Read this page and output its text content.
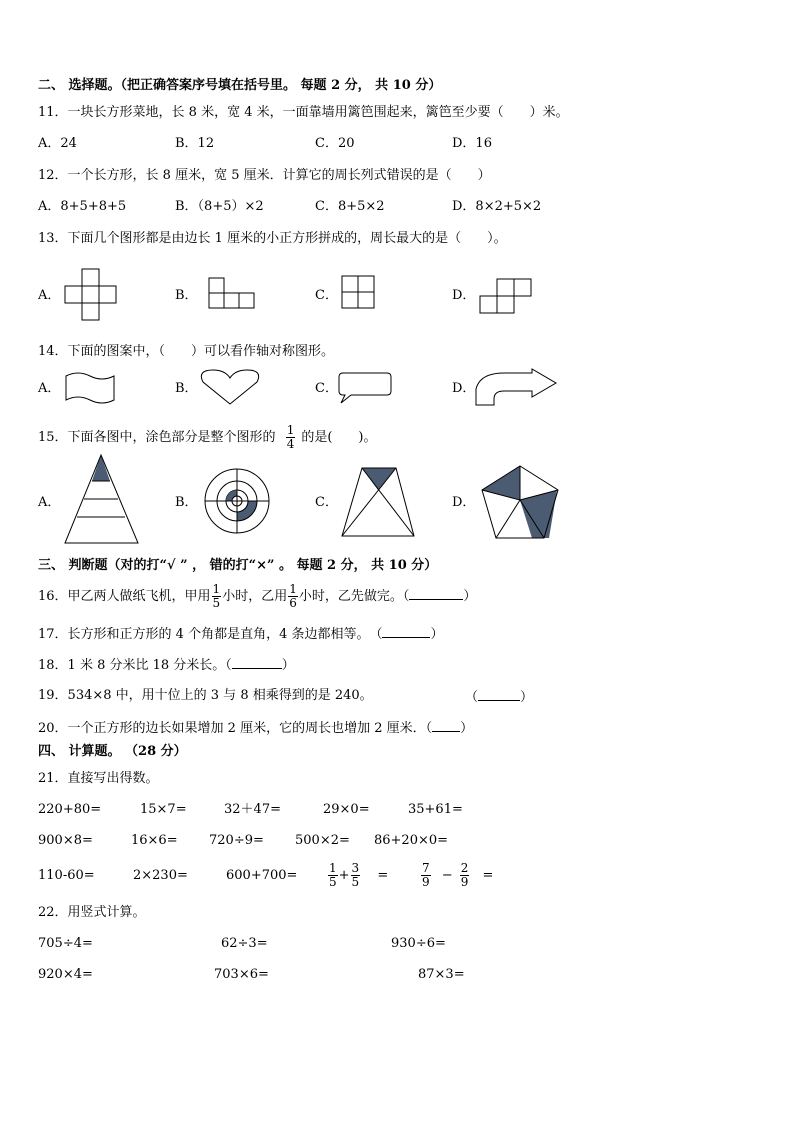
二、 选择题。（把正确答案序号填在括号里。 每题 2 分， 共 10 分）
11．一块长方形菜地，长 8 米，宽 4 米，一面靠墙用篱笆围起来，篱笆至少要（　　）米。
A．24	B．12	C．20	D．16
12．一个长方形，长 8 厘米，宽 5 厘米．计算它的周长列式错误的是（　　）
A．8+5+8+5	B．（8+5）×2	C．8+5×2	D．8×2+5×2
13．下面几个图形都是由边长 1 厘米的小正方形拼成的，周长最大的是（　　）。
A．	B．	C．	D．
14．下面的图案中，（　　）可以看作轴对称图形。
A．	B．	C．	D．
15．下面各图中，涂色部分是整个图形的 $\frac{1}{4}$ 的是(　　)。
A．	B．	C．	D．
三、 判断题（对的打“√ ” ， 错的打“×” 。 每题 2 分， 共 10 分）
16．甲乙两人做纸飞机，甲用 $\frac{1}{5}$ 小时，乙用 $\frac{1}{6}$ 小时，乙先做完。（	）
17．长方形和正方形的 4 个角都是直角，4 条边都相等。　（	）
18．1 米 8 分米比 18 分米长。（	）
19．534×8 中，用十位上的 3 与 8 相乘得到的是 240。	（	）
20．一个正方形的边长如果增加 2 厘米，它的周长也增加 2 厘米．（ ）
四、 计算题。 （28 分）
21．直接写出得数。
220+80=	15×7=	32＋47=	29×0=	35+61=
900×8=	16×6= 720÷9= 500×2= 86+20×0=
110-60=	2×230=	600+700=	$\frac{1}{5} + \frac{3}{5}$ =	$\frac{7}{9} - \frac{2}{9}$ =
22．用竖式计算。
705÷4=	62÷3=	930÷6=
920×4=	703×6=	87×3=
